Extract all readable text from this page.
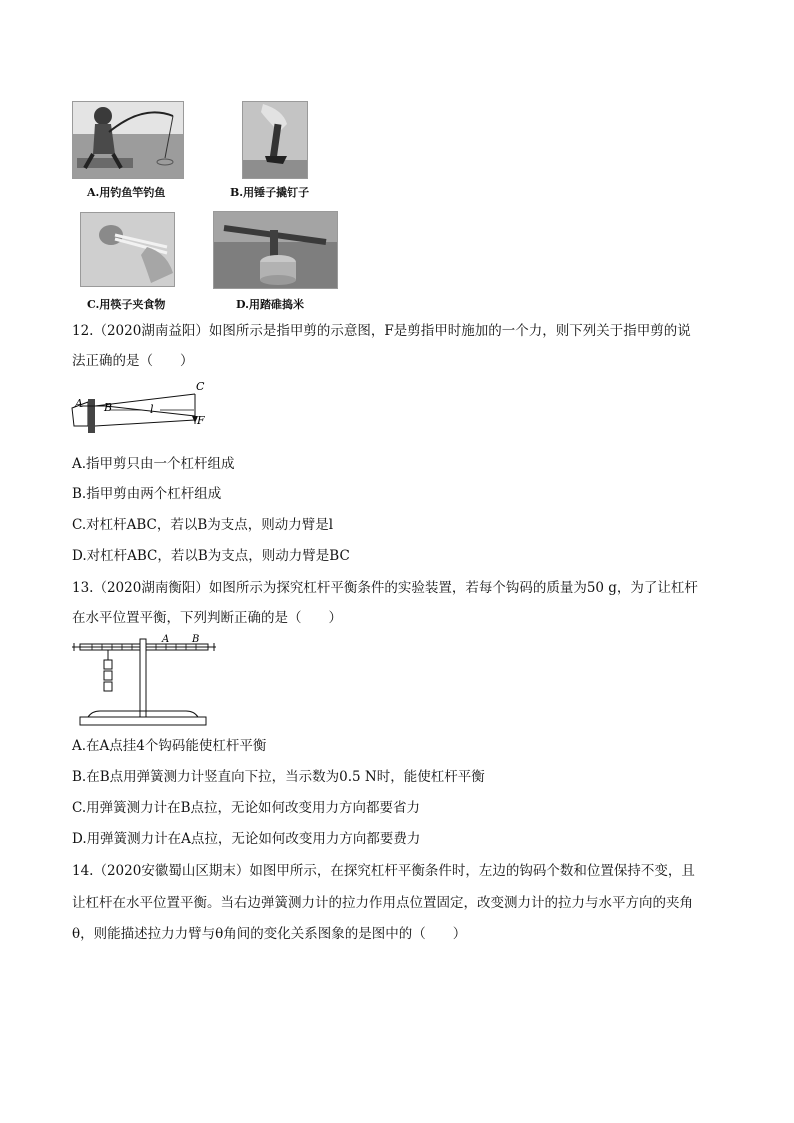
A.用钓鱼竿钓鱼	B.用锤子撬钉子
C.用筷子夹食物	D.用踏碓捣米
12.（2020湖南益阳）如图所示是指甲剪的示意图，F是剪指甲时施加的一个力，则下列关于指甲剪的说
法正确的是（　　）
A B	l
C
F
A.指甲剪只由一个杠杆组成
B.指甲剪由两个杠杆组成
C.对杠杆ABC，若以B为支点，则动力臂是l
D.对杠杆ABC，若以B为支点，则动力臂是BC
13.（2020湖南衡阳）如图所示为探究杠杆平衡条件的实验装置，若每个钩码的质量为50 g，为了让杠杆
在水平位置平衡，下列判断正确的是（　　）
A B
A.在A点挂4个钩码能使杠杆平衡
B.在B点用弹簧测力计竖直向下拉，当示数为0.5 N时，能使杠杆平衡
C.用弹簧测力计在B点拉，无论如何改变用力方向都要省力
D.用弹簧测力计在A点拉，无论如何改变用力方向都要费力
14.（2020安徽蜀山区期末）如图甲所示，在探究杠杆平衡条件时，左边的钩码个数和位置保持不变，且
让杠杆在水平位置平衡。当右边弹簧测力计的拉力作用点位置固定，改变测力计的拉力与水平方向的夹角
θ，则能描述拉力力臂与θ角间的变化关系图象的是图中的（　　）
